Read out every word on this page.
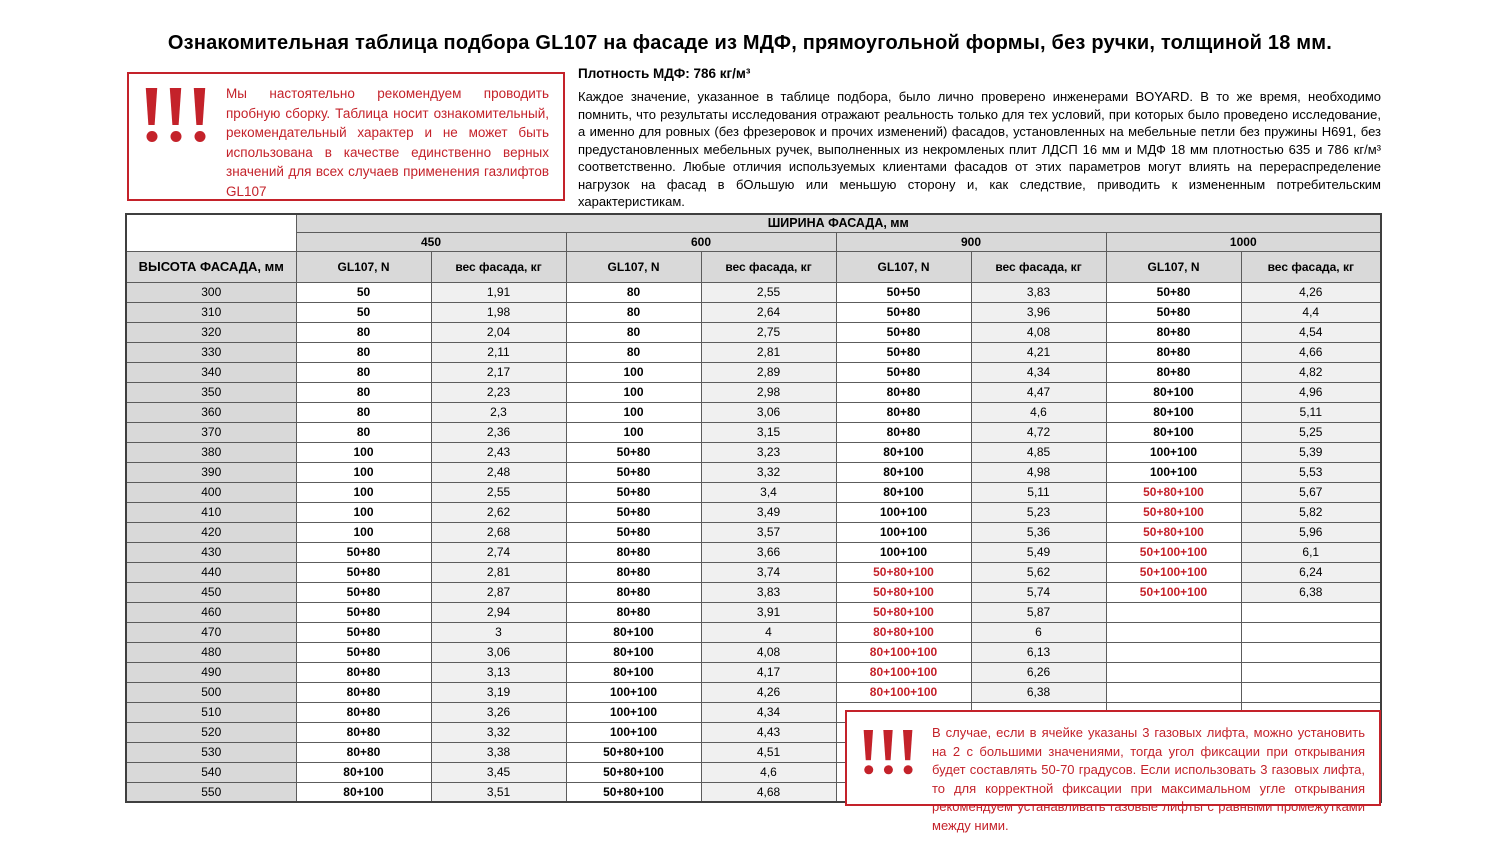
Ознакомительная таблица подбора GL107 на фасаде из МДФ, прямоугольной формы, без ручки, толщиной 18 мм.

Мы настоятельно рекомендуем проводить пробную сборку. Таблица носит ознакомительный, рекомендательный характер и не может быть использована в качестве единственно верных значений для всех случаев применения газлифтов GL107

Плотность МДФ: 786 кг/м³

Каждое значение, указанное в таблице подбора, было лично проверено инженерами BOYARD. В то же время, необходимо помнить, что результаты исследования отражают реальность только для тех условий, при которых было проведено исследование, а именно для ровных (без фрезеровок и прочих изменений) фасадов, установленных на мебельные петли без пружины H691, без предустановленных мебельных ручек, выполненных из некромленых плит ЛДСП 16 мм и МДФ 18 мм плотностью 635 и 786 кг/м³ соответственно. Любые отличия используемых клиентами фасадов от этих параметров могут влиять на перераспределение нагрузок на фасад в бОльшую или меньшую сторону и, как следствие, приводить к измененным потребительским характеристикам.

	ШИРИНА ФАСАДА, мм							
	450		600		900		1000	
ВЫСОТА ФАСАДА, мм	GL107, N	вес фасада, кг	GL107, N	вес фасада, кг	GL107, N	вес фасада, кг	GL107, N	вес фасада, кг
300	50	1,91	80	2,55	50+50	3,83	50+80	4,26
310	50	1,98	80	2,64	50+80	3,96	50+80	4,4
320	80	2,04	80	2,75	50+80	4,08	80+80	4,54
330	80	2,11	80	2,81	50+80	4,21	80+80	4,66
340	80	2,17	100	2,89	50+80	4,34	80+80	4,82
350	80	2,23	100	2,98	80+80	4,47	80+100	4,96
360	80	2,3	100	3,06	80+80	4,6	80+100	5,11
370	80	2,36	100	3,15	80+80	4,72	80+100	5,25
380	100	2,43	50+80	3,23	80+100	4,85	100+100	5,39
390	100	2,48	50+80	3,32	80+100	4,98	100+100	5,53
400	100	2,55	50+80	3,4	80+100	5,11	50+80+100	5,67
410	100	2,62	50+80	3,49	100+100	5,23	50+80+100	5,82
420	100	2,68	50+80	3,57	100+100	5,36	50+80+100	5,96
430	50+80	2,74	80+80	3,66	100+100	5,49	50+100+100	6,1
440	50+80	2,81	80+80	3,74	50+80+100	5,62	50+100+100	6,24
450	50+80	2,87	80+80	3,83	50+80+100	5,74	50+100+100	6,38
460	50+80	2,94	80+80	3,91	50+80+100	5,87		
470	50+80	3	80+100	4	80+80+100	6		
480	50+80	3,06	80+100	4,08	80+100+100	6,13		
490	80+80	3,13	80+100	4,17	80+100+100	6,26		
500	80+80	3,19	100+100	4,26	80+100+100	6,38		
510	80+80	3,26	100+100	4,34				
520	80+80	3,32	100+100	4,43				
530	80+80	3,38	50+80+100	4,51				
540	80+100	3,45	50+80+100	4,6				
550	80+100	3,51	50+80+100	4,68				

В случае, если в ячейке указаны 3 газовых лифта, можно установить на 2 с большими значениями, тогда угол фиксации при открывания будет составлять 50-70 градусов. Если использовать 3 газовых лифта, то для корректной фиксации при максимальном угле открывания рекомендуем устанавливать газовые лифты с равными промежутками между ними.
